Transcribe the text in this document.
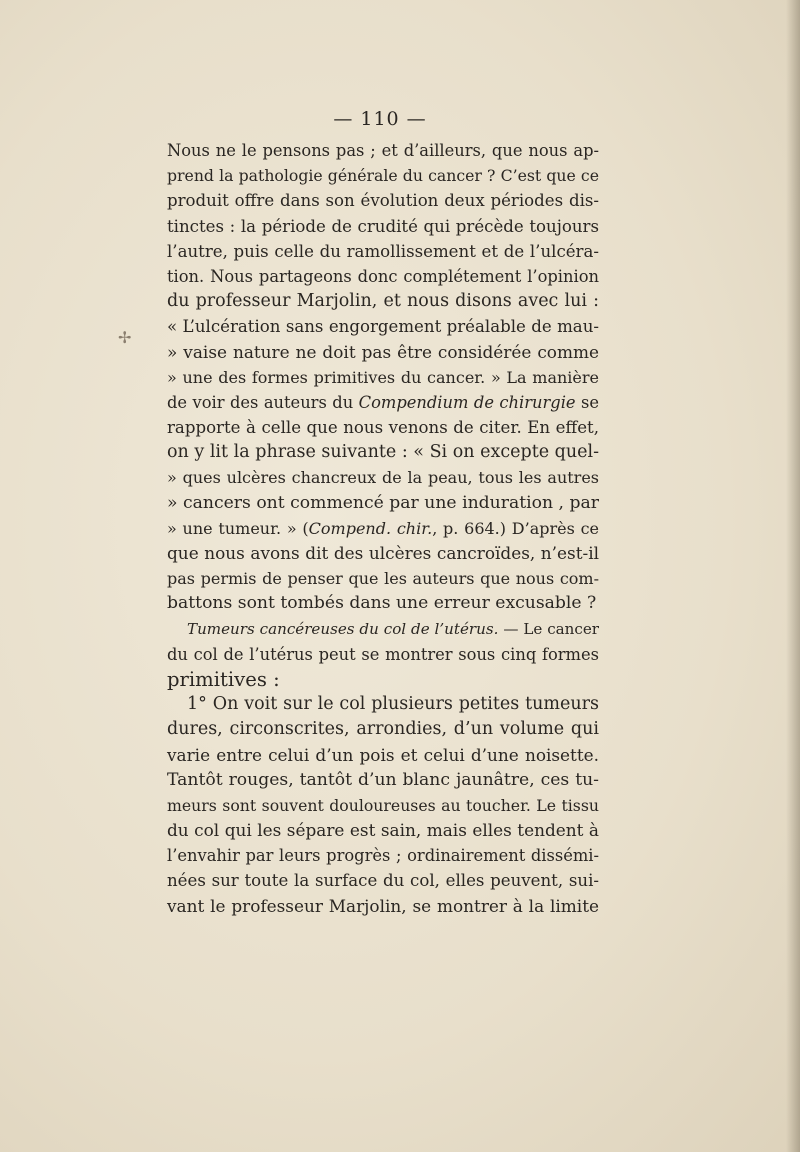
— 110 —
✢
Nous ne le pensons pas ; et d’ailleurs, que nous ap-
prend la pathologie générale du cancer ? C’est que ce
produit offre dans son évolution deux périodes dis-
tinctes : la période de crudité qui précède toujours
l’autre, puis celle du ramollissement et de l’ulcéra-
tion. Nous partageons donc complétement l’opinion
du professeur Marjolin, et nous disons avec lui :
« L’ulcération sans engorgement préalable de mau-
» vaise nature ne doit pas être considérée comme
» une des formes primitives du cancer. » La manière
de voir des auteurs du Compendium de chirurgie se
rapporte à celle que nous venons de citer. En effet,
on y lit la phrase suivante : « Si on excepte quel-
» ques ulcères chancreux de la peau, tous les autres
» cancers ont commencé par une induration , par
» une tumeur. » (Compend. chir., p. 664.) D’après ce
que nous avons dit des ulcères cancroïdes, n’est-il
pas permis de penser que les auteurs que nous com-
battons sont tombés dans une erreur excusable ?
Tumeurs cancéreuses du col de l’utérus. — Le cancer
du col de l’utérus peut se montrer sous cinq formes
primitives :
1° On voit sur le col plusieurs petites tumeurs
dures, circonscrites, arrondies, d’un volume qui
varie entre celui d’un pois et celui d’une noisette.
Tantôt rouges, tantôt d’un blanc jaunâtre, ces tu-
meurs sont souvent douloureuses au toucher. Le tissu
du col qui les sépare est sain, mais elles tendent à
l’envahir par leurs progrès ; ordinairement dissémi-
nées sur toute la surface du col, elles peuvent, sui-
vant le professeur Marjolin, se montrer à la limite
